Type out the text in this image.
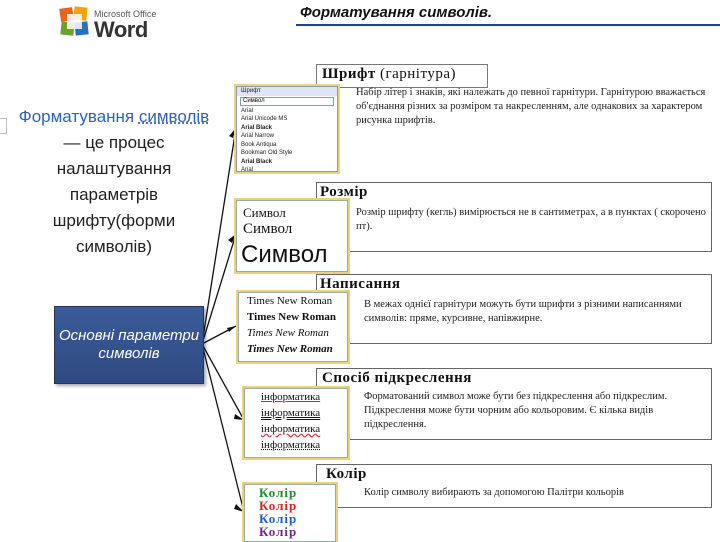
Microsoft Office
Word
Форматування символів.
Форматування символів— це процес налаштування параметрів шрифту(форми символів)
Основні параметри символів
Шрифт (гарнітура)
Набір літер і знаків, які належать до певної гарнітури. Гарнітурою вважається об'єднання різних за розміром та накресленням, але однакових за характером рисунка шрифтів.
Шрифт
Символ
Arial
Arial Unicode MS
Arial Black
Arial Narrow
Book Antiqua
Bookman Old Style
Arial Black
Arial
Розмір
Розмір шрифту (кегль) вимірюється не в сантиметрах, а в пунктах ( скорочено пт).
Символ
Символ
Символ
Написання
В межах однієї гарнітури можуть бути шрифти з різними написаннями символів: пряме, курсивне, напівжирне.
Times New Roman
Times New Roman
Times New Roman
Times New Roman
Спосіб підкреслення
Форматований символ може бути без підкреслення або підкреслим. Підкреслення може бути чорним або кольоровим. Є кілька видів підкреслення.
інформатика
інформатика
інформатика
інформатика
Колір
Колір символу вибирають за допомогою Палітри кольорів
Колір
Колір
Колір
Колір
